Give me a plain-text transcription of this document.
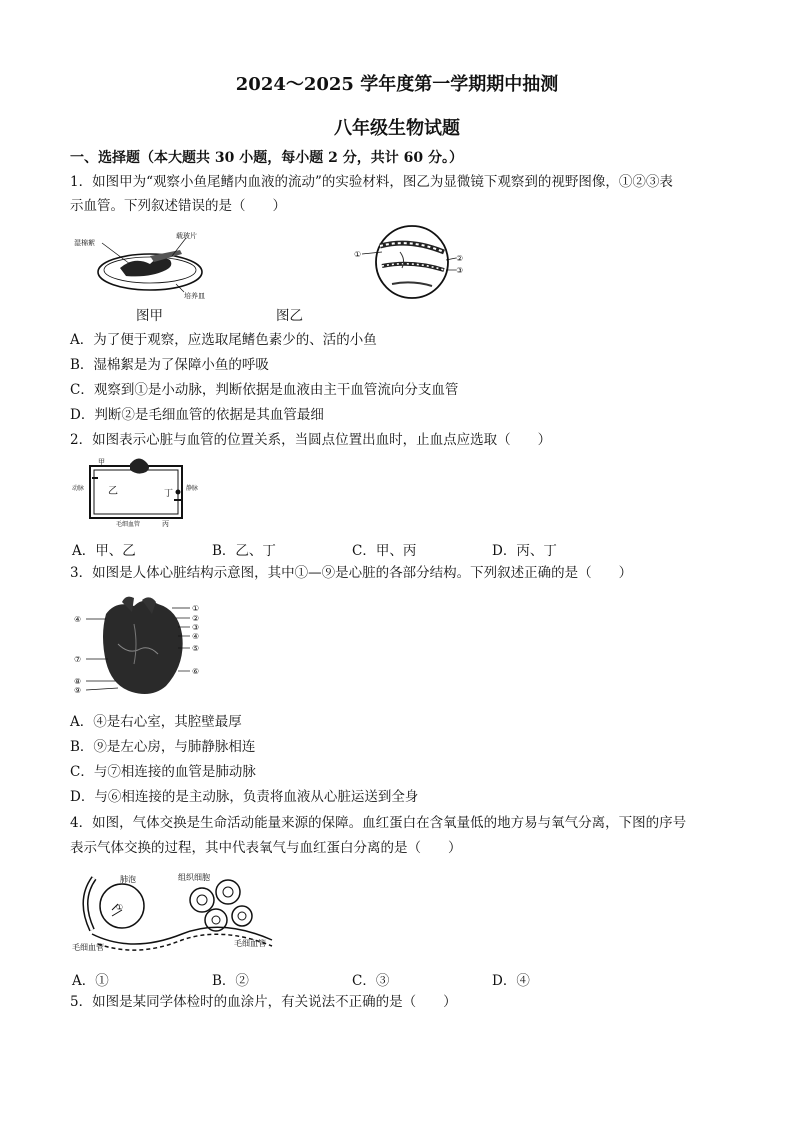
2024～2025 学年度第一学期期中抽测
八年级生物试题
一、选择题（本大题共 30 小题，每小题 2 分，共计 60 分。）
1．如图甲为“观察小鱼尾鳍内血液的流动”的实验材料，图乙为显微镜下观察到的视野图像，①②③表
示血管。下列叙述错误的是（　　）
湿棉絮
载玻片
培养皿
图甲
①	②
③
图乙
A．为了便于观察，应选取尾鳍色素少的、活的小鱼
B．湿棉絮是为了保障小鱼的呼吸
C．观察到①是小动脉，判断依据是血液由主干血管流向分支血管
D．判断②是毛细血管的依据是其血管最细
2．如图表示心脏与血管的位置关系，当圆点位置出血时，止血点应选取（　　）
甲
乙	丁
丙
动脉	静脉
毛细血管
A．甲、乙	B．乙、丁	C．甲、丙	D．丙、丁
3．如图是人体心脏结构示意图，其中①—⑨是心脏的各部分结构。下列叙述正确的是（　　）
①
②
③
④
⑤
⑥
④
⑦
⑧
⑨
A．④是右心室，其腔壁最厚
B．⑨是左心房，与肺静脉相连
C．与⑦相连接的血管是肺动脉
D．与⑥相连接的是主动脉，负责将血液从心脏运送到全身
4．如图，气体交换是生命活动能量来源的保障。血红蛋白在含氧量低的地方易与氧气分离，下图的序号
表示气体交换的过程，其中代表氧气与血红蛋白分离的是（　　）
①
肺泡	组织细胞
毛细血管	毛细血管
A．①	B．②	C．③	D．④
5．如图是某同学体检时的血涂片，有关说法不正确的是（　　）
